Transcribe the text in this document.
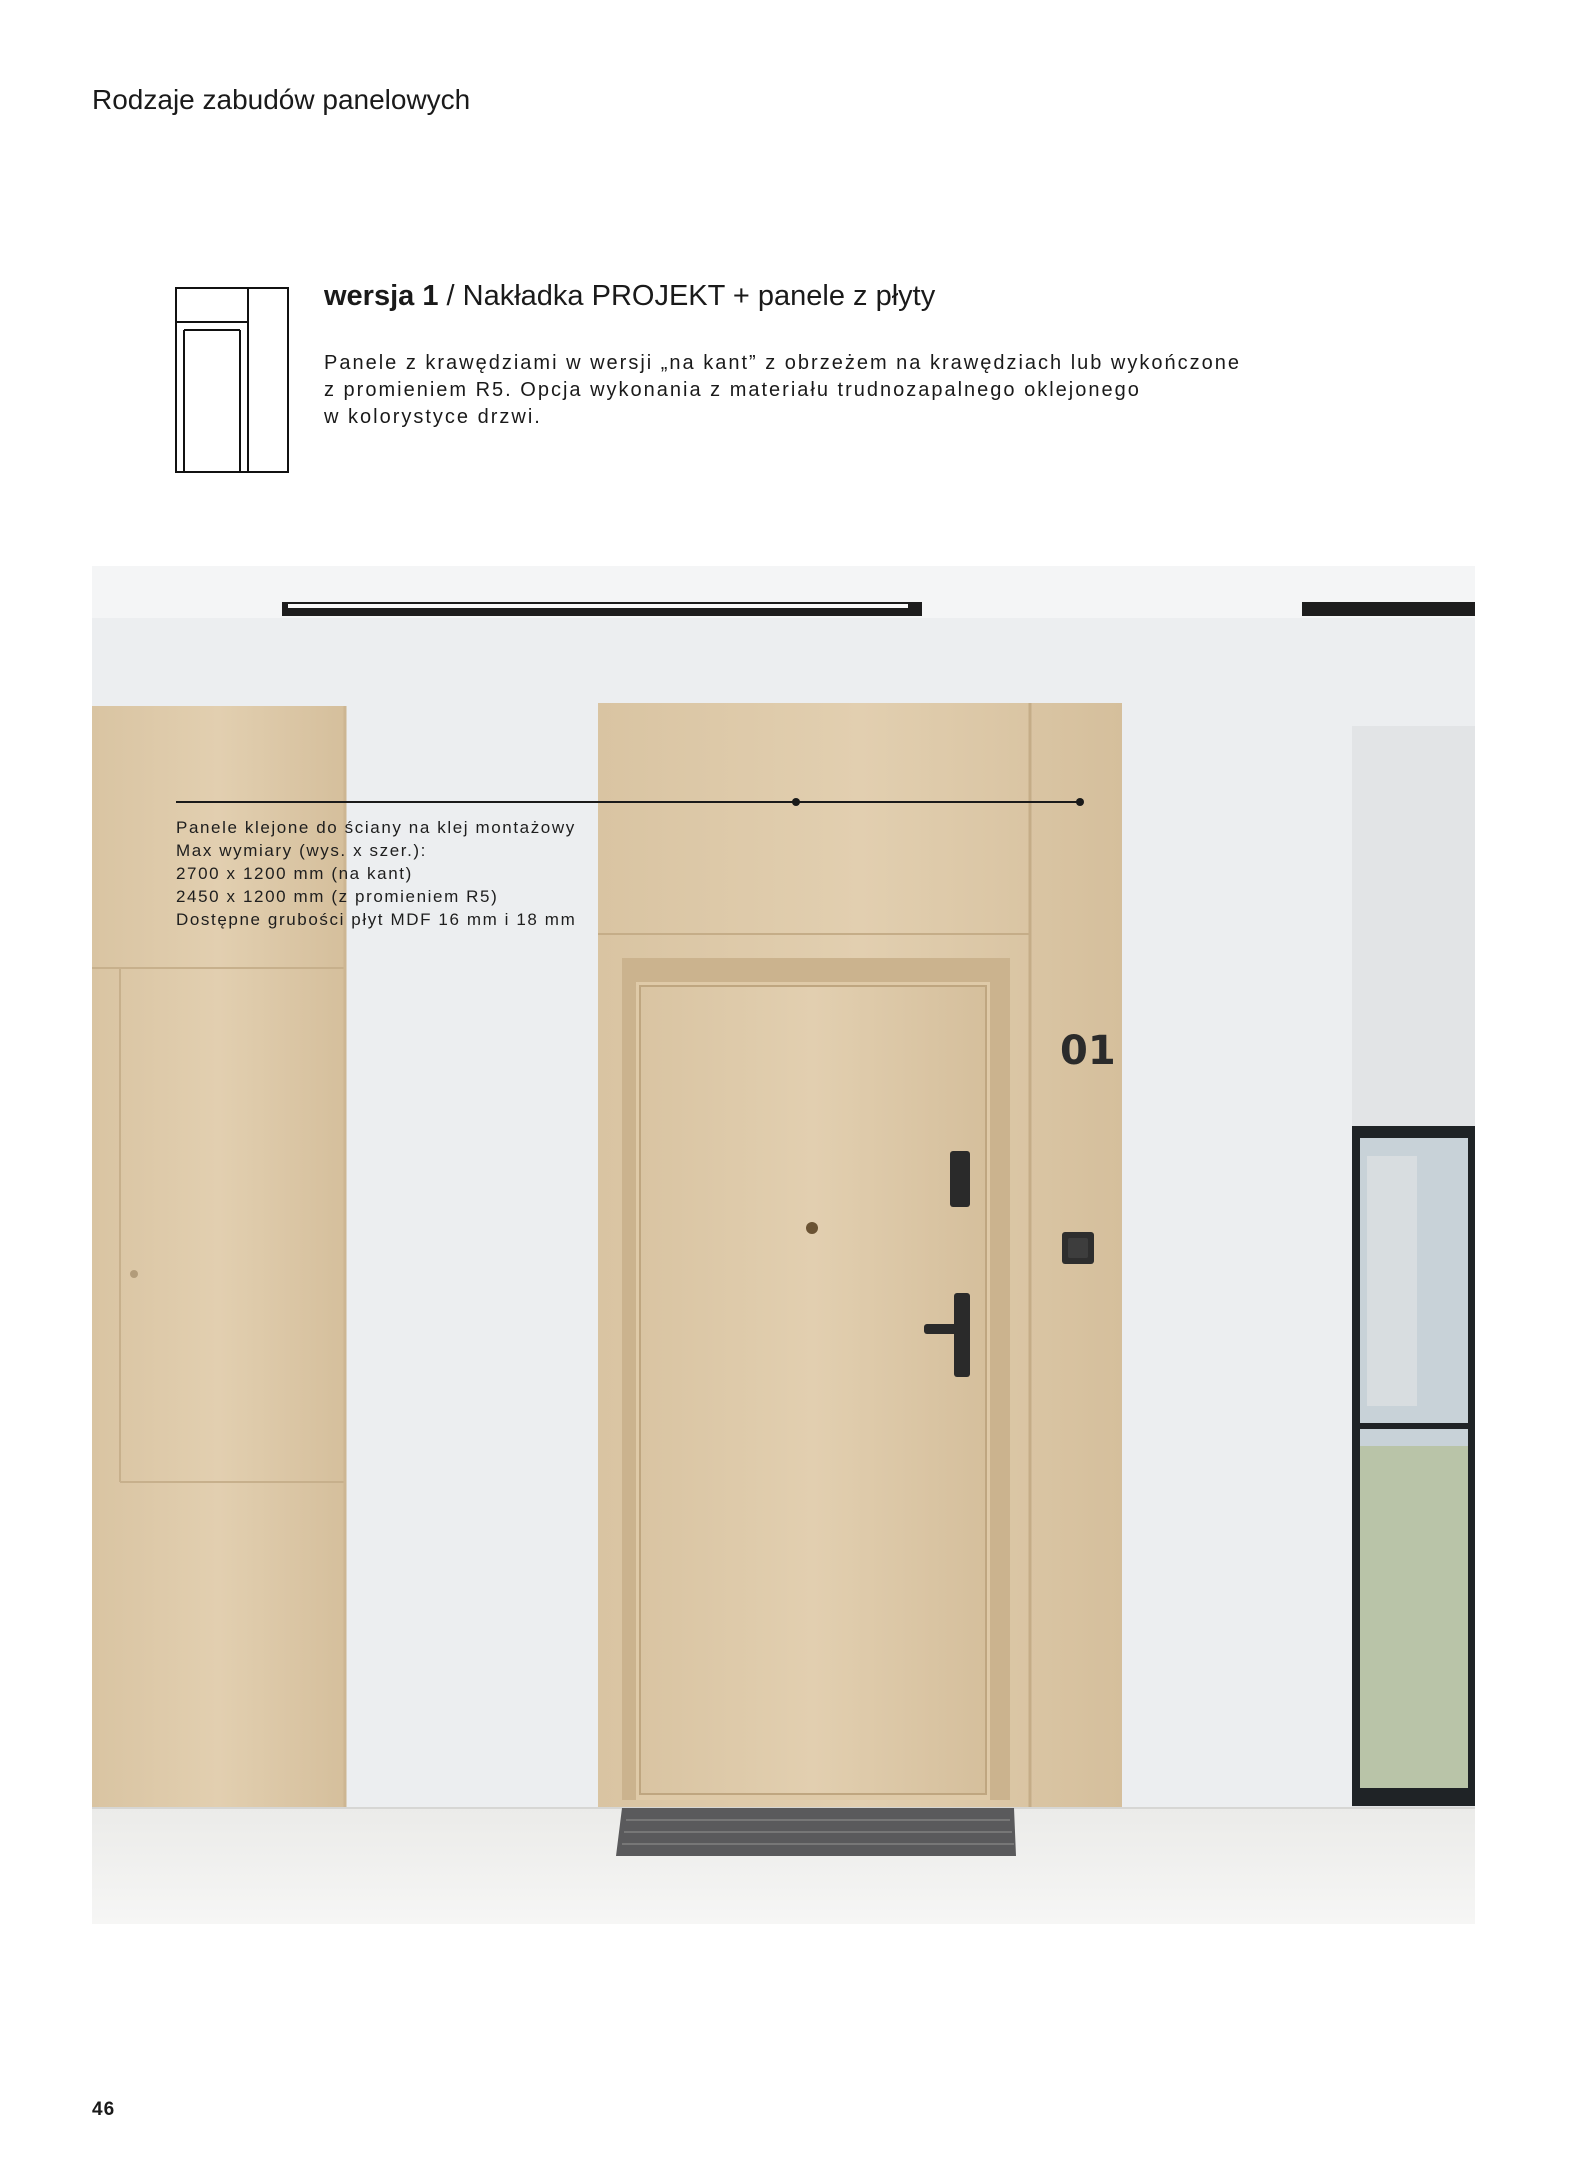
Rodzaje zabudów panelowych
wersja 1 / Nakładka PROJEKT + panele z płyty

Panele z krawędziami w wersji „na kant” z obrzeżem na krawędziach lub wykończone

z promieniem R5. Opcja wykonania z materiału trudnozapalnego oklejonego

w kolorystyce drzwi.

01

Panele klejone do ściany na klej montażowy

Max wymiary (wys. x szer.):

2700 x 1200 mm (na kant)

2450 x 1200 mm (z promieniem R5)

Dostępne grubości płyt MDF 16 mm i 18 mm

46
